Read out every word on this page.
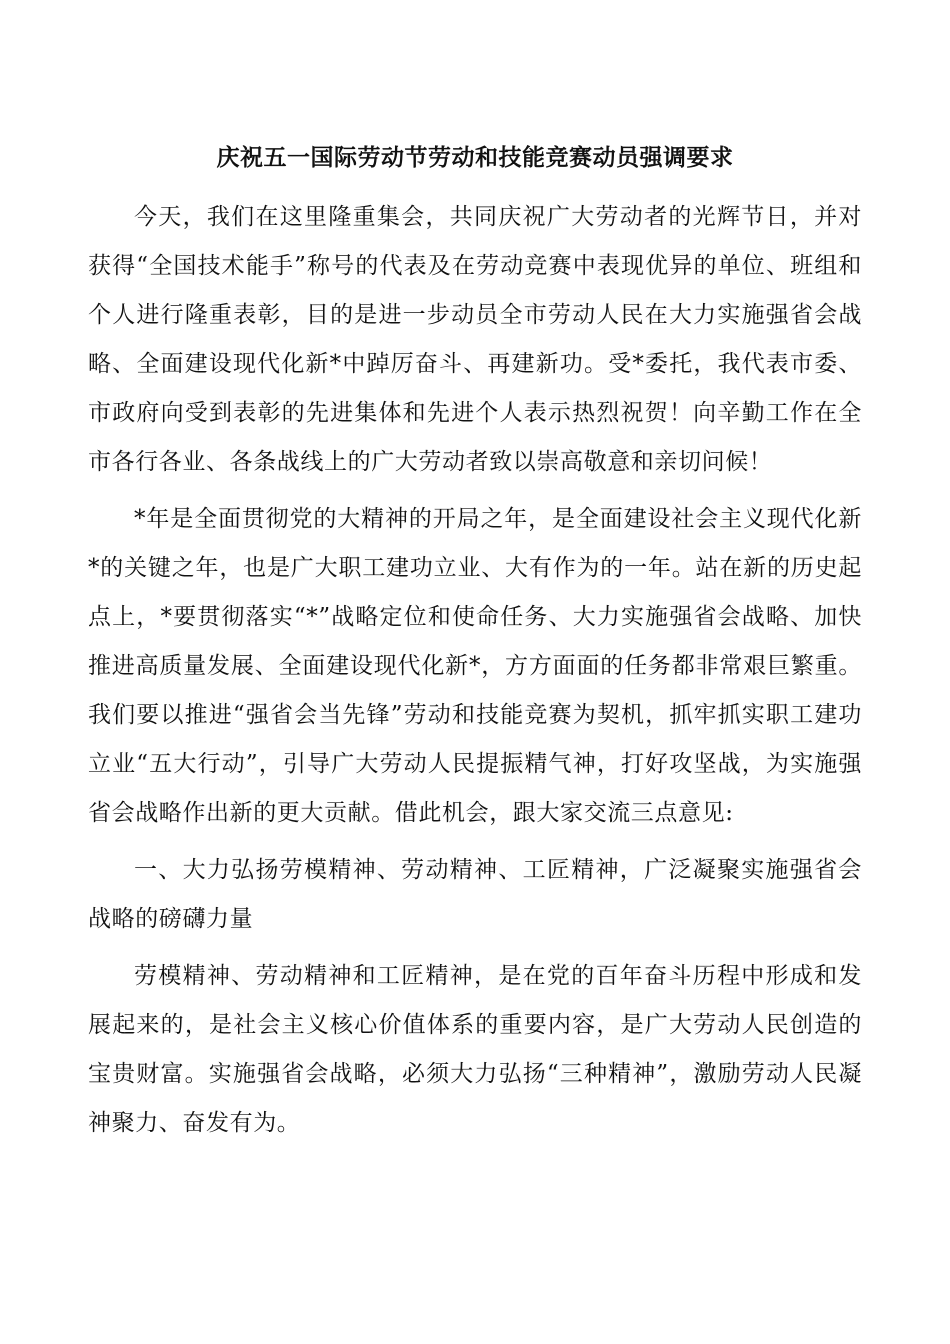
庆祝五一国际劳动节劳动和技能竞赛动员强调要求

今天，我们在这里隆重集会，共同庆祝广大劳动者的光辉节日，并对获得“全国技术能手”称号的代表及在劳动竞赛中表现优异的单位、班组和个人进行隆重表彰，目的是进一步动员全市劳动人民在大力实施强省会战略、全面建设现代化新*中踔厉奋斗、再建新功。受*委托，我代表市委、市政府向受到表彰的先进集体和先进个人表示热烈祝贺！向辛勤工作在全市各行各业、各条战线上的广大劳动者致以崇高敬意和亲切问候！

*年是全面贯彻党的大精神的开局之年，是全面建设社会主义现代化新*的关键之年，也是广大职工建功立业、大有作为的一年。站在新的历史起点上，*要贯彻落实“*”战略定位和使命任务、大力实施强省会战略、加快推进高质量发展、全面建设现代化新*，方方面面的任务都非常艰巨繁重。我们要以推进“强省会当先锋”劳动和技能竞赛为契机，抓牢抓实职工建功立业“五大行动”，引导广大劳动人民提振精气神，打好攻坚战，为实施强省会战略作出新的更大贡献。借此机会，跟大家交流三点意见:

一、大力弘扬劳模精神、劳动精神、工匠精神，广泛凝聚实施强省会战略的磅礴力量

劳模精神、劳动精神和工匠精神，是在党的百年奋斗历程中形成和发展起来的，是社会主义核心价值体系的重要内容，是广大劳动人民创造的宝贵财富。实施强省会战略，必须大力弘扬“三种精神”，激励劳动人民凝神聚力、奋发有为。
